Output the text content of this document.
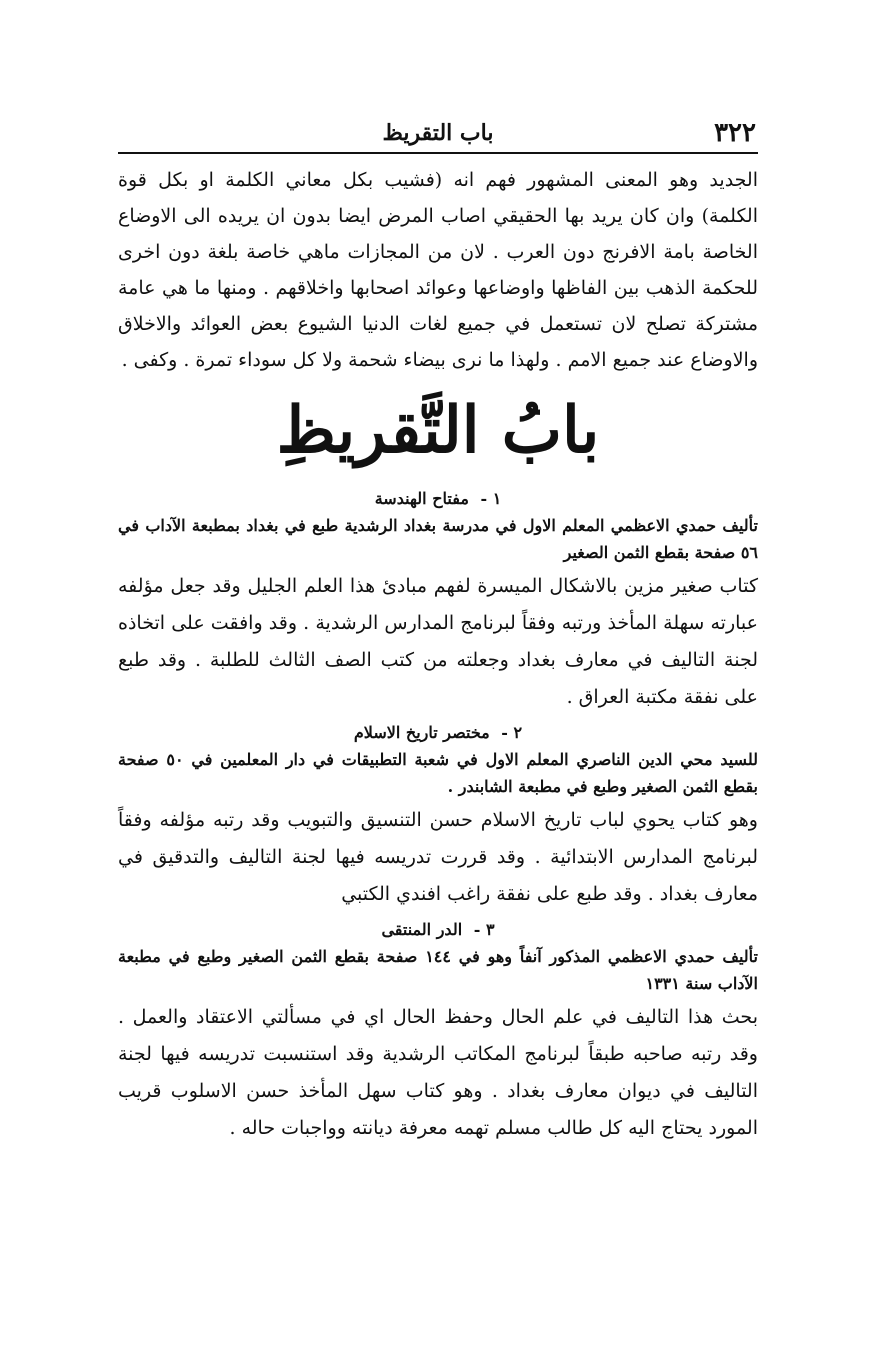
٣٢٢
باب التقريظ

الجديد وهو المعنى المشهور فهم انه (فشيب بكل معاني الكلمة او بكل قوة الكلمة) وان كان يريد بها الحقيقي اصاب المرض ايضا بدون ان يريده الى الاوضاع الخاصة بامة الافرنج دون العرب . لان من المجازات ماهي خاصة بلغة دون اخرى للحكمة الذهب بين الفاظها واوضاعها وعوائد اصحابها واخلاقهم . ومنها ما هي عامة مشتركة تصلح لان تستعمل في جميع لغات الدنيا الشيوع بعض العوائد والاخلاق والاوضاع عند جميع الامم . ولهذا ما نرى بيضاء شحمة ولا كل سوداء تمرة . وكفى .

بابُ التَّقريظِ

١ - مفتاح الهندسة

تأليف حمدي الاعظمي المعلم الاول في مدرسة بغداد الرشدية طبع في بغداد بمطبعة الآداب في ٥٦ صفحة بقطع الثمن الصغير

كتاب صغير مزين بالاشكال الميسرة لفهم مبادئ هذا العلم الجليل وقد جعل مؤلفه عبارته سهلة المأخذ ورتبه وفقاً لبرنامج المدارس الرشدية . وقد وافقت على اتخاذه لجنة التاليف في معارف بغداد وجعلته من كتب الصف الثالث للطلبة . وقد طبع على نفقة مكتبة العراق .

٢ - مختصر تاريخ الاسلام

للسيد محي الدين الناصري المعلم الاول في شعبة التطبيقات في دار المعلمين في ٥٠ صفحة بقطع الثمن الصغير وطبع في مطبعة الشابندر .

وهو كتاب يحوي لباب تاريخ الاسلام حسن التنسيق والتبويب وقد رتبه مؤلفه وفقاً لبرنامج المدارس الابتدائية . وقد قررت تدريسه فيها لجنة التاليف والتدقيق في معارف بغداد . وقد طبع على نفقة راغب افندي الكتبي

٣ - الدر المنتقى

تأليف حمدي الاعظمي المذكور آنفاً وهو في ١٤٤ صفحة بقطع الثمن الصغير وطبع في مطبعة الآداب سنة ١٣٣١

بحث هذا التاليف في علم الحال وحفظ الحال اي في مسألتي الاعتقاد والعمل . وقد رتبه صاحبه طبقاً لبرنامج المكاتب الرشدية وقد استنسبت تدريسه فيها لجنة التاليف في ديوان معارف بغداد . وهو كتاب سهل المأخذ حسن الاسلوب قريب المورد يحتاج اليه كل طالب مسلم تهمه معرفة ديانته وواجبات حاله .
